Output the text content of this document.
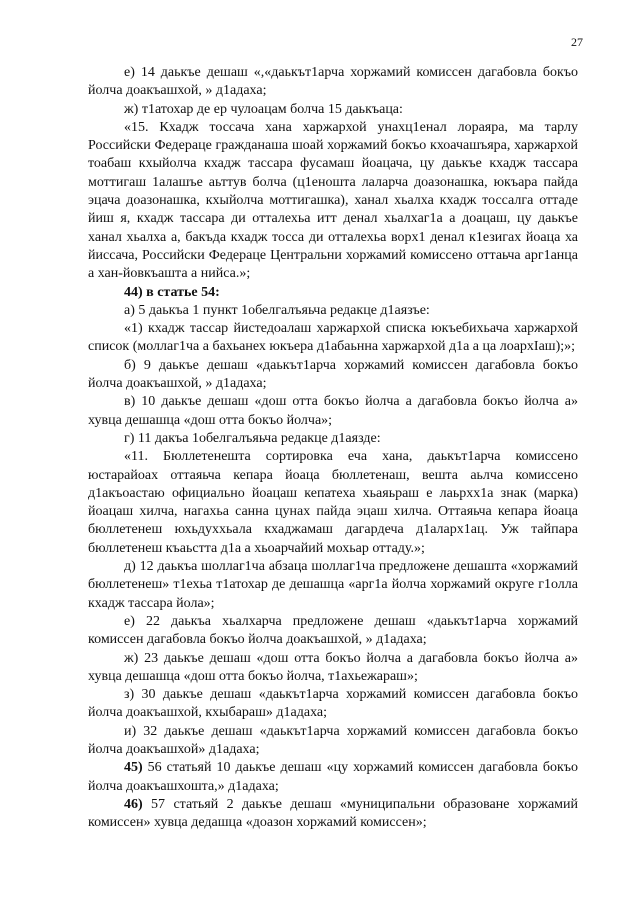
27

е) 14 даькъе дешаш «,«даькът1арча хоржамий комиссен дагабовла бокъо йолча доакъашхой, » д1адаха;

ж) т1атохар де ер чулоацам болча 15 даькъаца:

«15. Кхадж тоссача хана харжархой унахц1енал лораяра, ма тарлу Российски Федераце гражданаша шоай хоржамий бокъо кхоачашъяра, харжархой тоабаш кхыйолча кхадж тассара фусамаш йоацача, цу даькъе кхадж тассара моттигаш 1алашъе аьттув болча (ц1еношта лаларча доазонашка, юкъара пайда эцача доазонашка, кхыйолча моттигашка), ханал хьалха кхадж тоссалга оттаде йиш я, кхадж тассара ди отталехьа итт денал хьалхаг1а а доацаш, цу даькъе ханал хьалха а, бакъда кхадж тосса ди отталехьа ворх1 денал к1езигах йоаца ха йиссача, Российски Федераце Центральни хоржамий комиссено оттаьча арг1анца а хан-йовкъашта а нийса.»;

44) в статье 54:

а) 5 даькъа 1 пункт 1обелгалъяьча редакце д1аязъе:

«1) кхадж тассар йистедоалаш харжархой списка юкъебихьача харжархой список (моллаг1ча а бахьанех юкъера д1абаьнна харжархой д1а а ца лоархІаш);»;

б) 9 даькъе дешаш «даькът1арча хоржамий комиссен дагабовла бокъо йолча доакъашхой, » д1адаха;

в) 10 даькъе дешаш «дош отта бокъо йолча а дагабовла бокъо йолча а» хувца дешашца «дош отта бокъо йолча»;

г) 11 дакъа 1обелгалъяьча редакце д1аязде:

«11. Бюллетенешта сортировка еча хана, даькът1арча комиссено юстарайоах оттаяьча кепара йоаца бюллетенаш, вешта аьлча комиссено д1акъоастаю официальнo йоацаш кепатеха хьаяьраш е лаьрхх1а знак (марка) йоацаш хилча, нагахьа санна цунах пайда эцаш хилча. Оттаяьча кепара йоаца бюллетенеш юхьдуххьала кхаджамаш дагардеча д1аларх1ац. Уж тайпара бюллетенеш къаьстта д1а а хьоарчайий мохьар оттаду.»;

д) 12 даькъа шоллаг1ча абзаца шоллаг1ча предложене дешашта «хоржамий бюллетенеш» т1ехьа т1атохар де дешашца «арг1а йолча хоржамий округе г1олла кхадж тассара йола»;

е) 22 даькъа хьалхарча предложене дешаш «даькът1арча хоржамий комиссен дагабовла бокъо йолча доакъашхой, » д1адаха;

ж) 23 даькъе дешаш «дош отта бокъо йолча а дагабовла бокъо йолча а» хувца дешашца «дош отта бокъо йолча, т1ахьежараш»;

з) 30 даькъе дешаш «даькът1арча хоржамий комиссен дагабовла бокъо йолча доакъашхой, кхыбараш» д1адаха;

и) 32 даькъе дешаш «даькът1арча хоржамий комиссен дагабовла бокъо йолча доакъашхой» д1адаха;

45) 56 статьяй 10 даькъе дешаш «цу хоржамий комиссен дагабовла бокъо йолча доакъашхошта,» д1адаха;

46) 57 статьяй 2 даькъе дешаш «муниципальни образоване хоржамий комиссен» хувца дедашца «доазон хоржамий комиссен»;
